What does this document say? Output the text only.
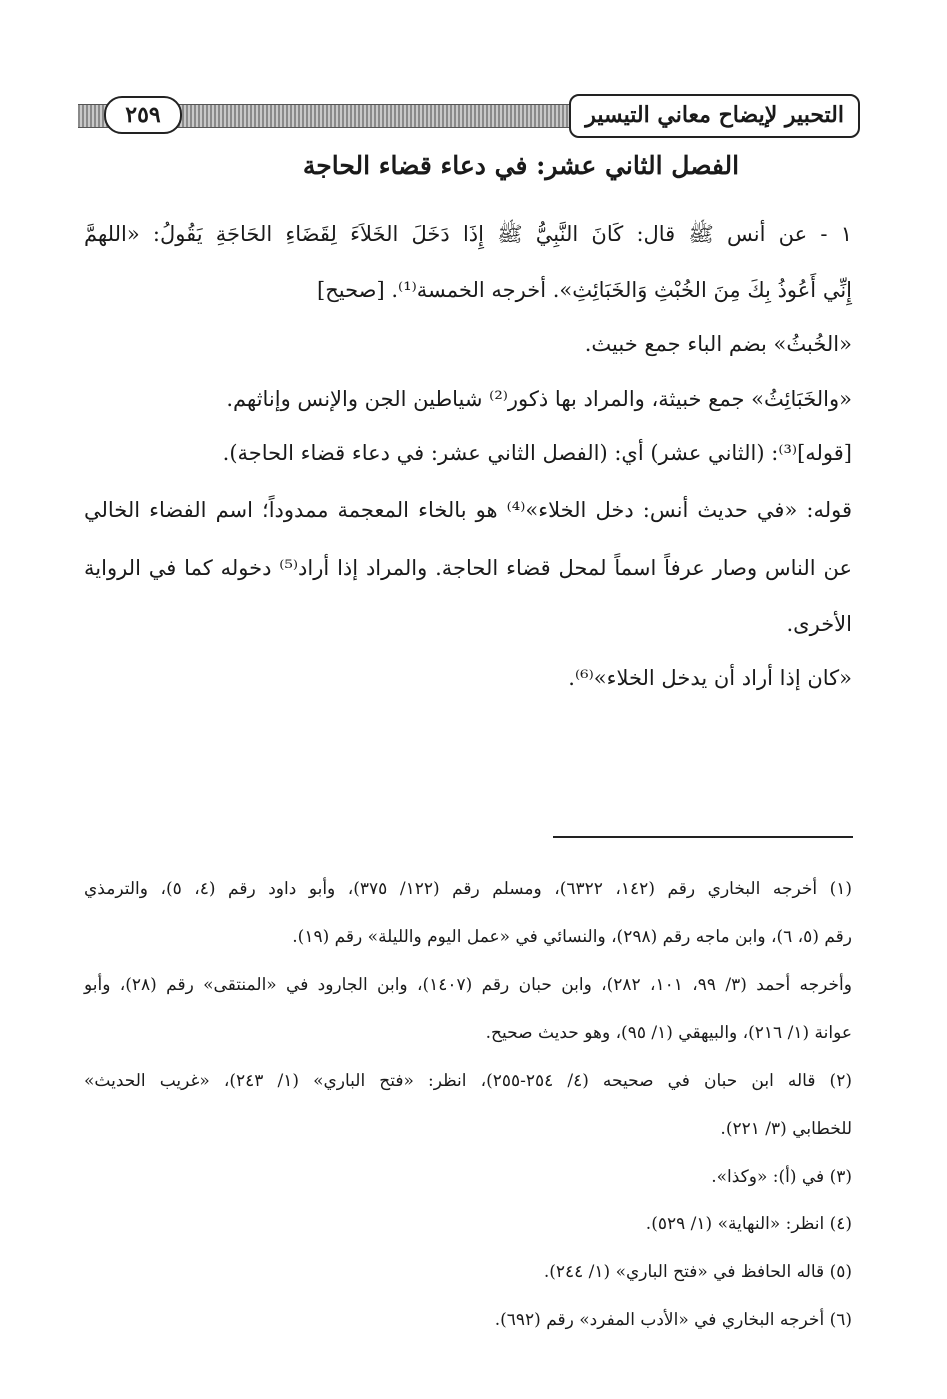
التحبير لإيضاح معاني التيسير
٢٥٩
الفصل الثاني عشر: في دعاء قضاء الحاجة
١ - عن أنس ﷺ قال: كَانَ النَّبِيُّ ﷺ إِذَا دَخَلَ الخَلاَءَ لِقَضَاءِ الحَاجَةِ يَقُولُ: «اللهمَّ
إِنِّي أَعُوذُ بِكَ مِنَ الخُبْثِ وَالخَبَائِثِ». أخرجه الخمسة⁽¹⁾. [صحيح]
«الخُبثُ» بضم الباء جمع خبيث.
«والخَبَائِثُ» جمع خبيثة، والمراد بها ذكور⁽²⁾ شياطين الجن والإنس وإناثهم.
[قوله]⁽³⁾: (الثاني عشر) أي: (الفصل الثاني عشر: في دعاء قضاء الحاجة).
قوله: «في حديث أنس: دخل الخلاء»⁽⁴⁾ هو بالخاء المعجمة ممدوداً؛ اسم الفضاء الخالي
عن الناس وصار عرفاً اسماً لمحل قضاء الحاجة. والمراد إذا أراد⁽⁵⁾ دخوله كما في الرواية
الأخرى.
«كان إذا أراد أن يدخل الخلاء»⁽⁶⁾.
(١) أخرجه البخاري رقم (١٤٢، ٦٣٢٢)، ومسلم رقم (١٢٢/ ٣٧٥)، وأبو داود رقم (٤، ٥)، والترمذي
رقم (٥، ٦)، وابن ماجه رقم (٢٩٨)، والنسائي في «عمل اليوم والليلة» رقم (١٩).
وأخرجه أحمد (٣/ ٩٩، ١٠١، ٢٨٢)، وابن حبان رقم (١٤٠٧)، وابن الجارود في «المنتقى» رقم (٢٨)، وأبو
عوانة (١/ ٢١٦)، والبيهقي (١/ ٩٥)، وهو حديث صحيح.
(٢) قاله ابن حبان في صحيحه (٤/ ٢٥٤-٢٥٥)، انظر: «فتح الباري» (١/ ٢٤٣)، «غريب الحديث»
للخطابي (٣/ ٢٢١).
(٣) في (أ): «وكذا».
(٤) انظر: «النهاية» (١/ ٥٢٩).
(٥) قاله الحافظ في «فتح الباري» (١/ ٢٤٤).
(٦) أخرجه البخاري في «الأدب المفرد» رقم (٦٩٢).
